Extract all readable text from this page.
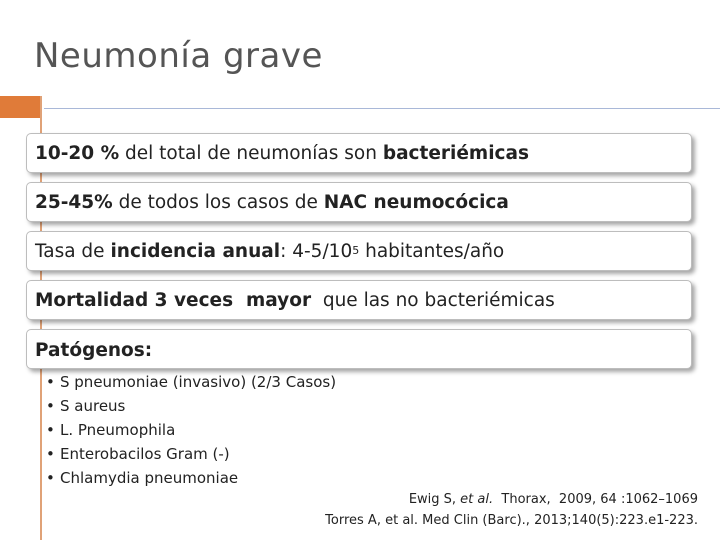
Neumonía grave
10-20 % del total de neumonías son bacteriémicas
25-45% de todos los casos de NAC neumocócica
Tasa de incidencia anual : 4-5/10 5 habitantes/año
Mortalidad 3 veces  mayor que las no bacteriémicas
Patógenos:
• S pneumoniae (invasivo) (2/3 Casos)
• S aureus
• L. Pneumophila
• Enterobacilos Gram (-)
• Chlamydia pneumoniae
Ewig S, et al.  Thorax,  2009, 64 :1062–1069
Torres A, et al. Med Clin (Barc)., 2013;140(5):223.e1-223.
